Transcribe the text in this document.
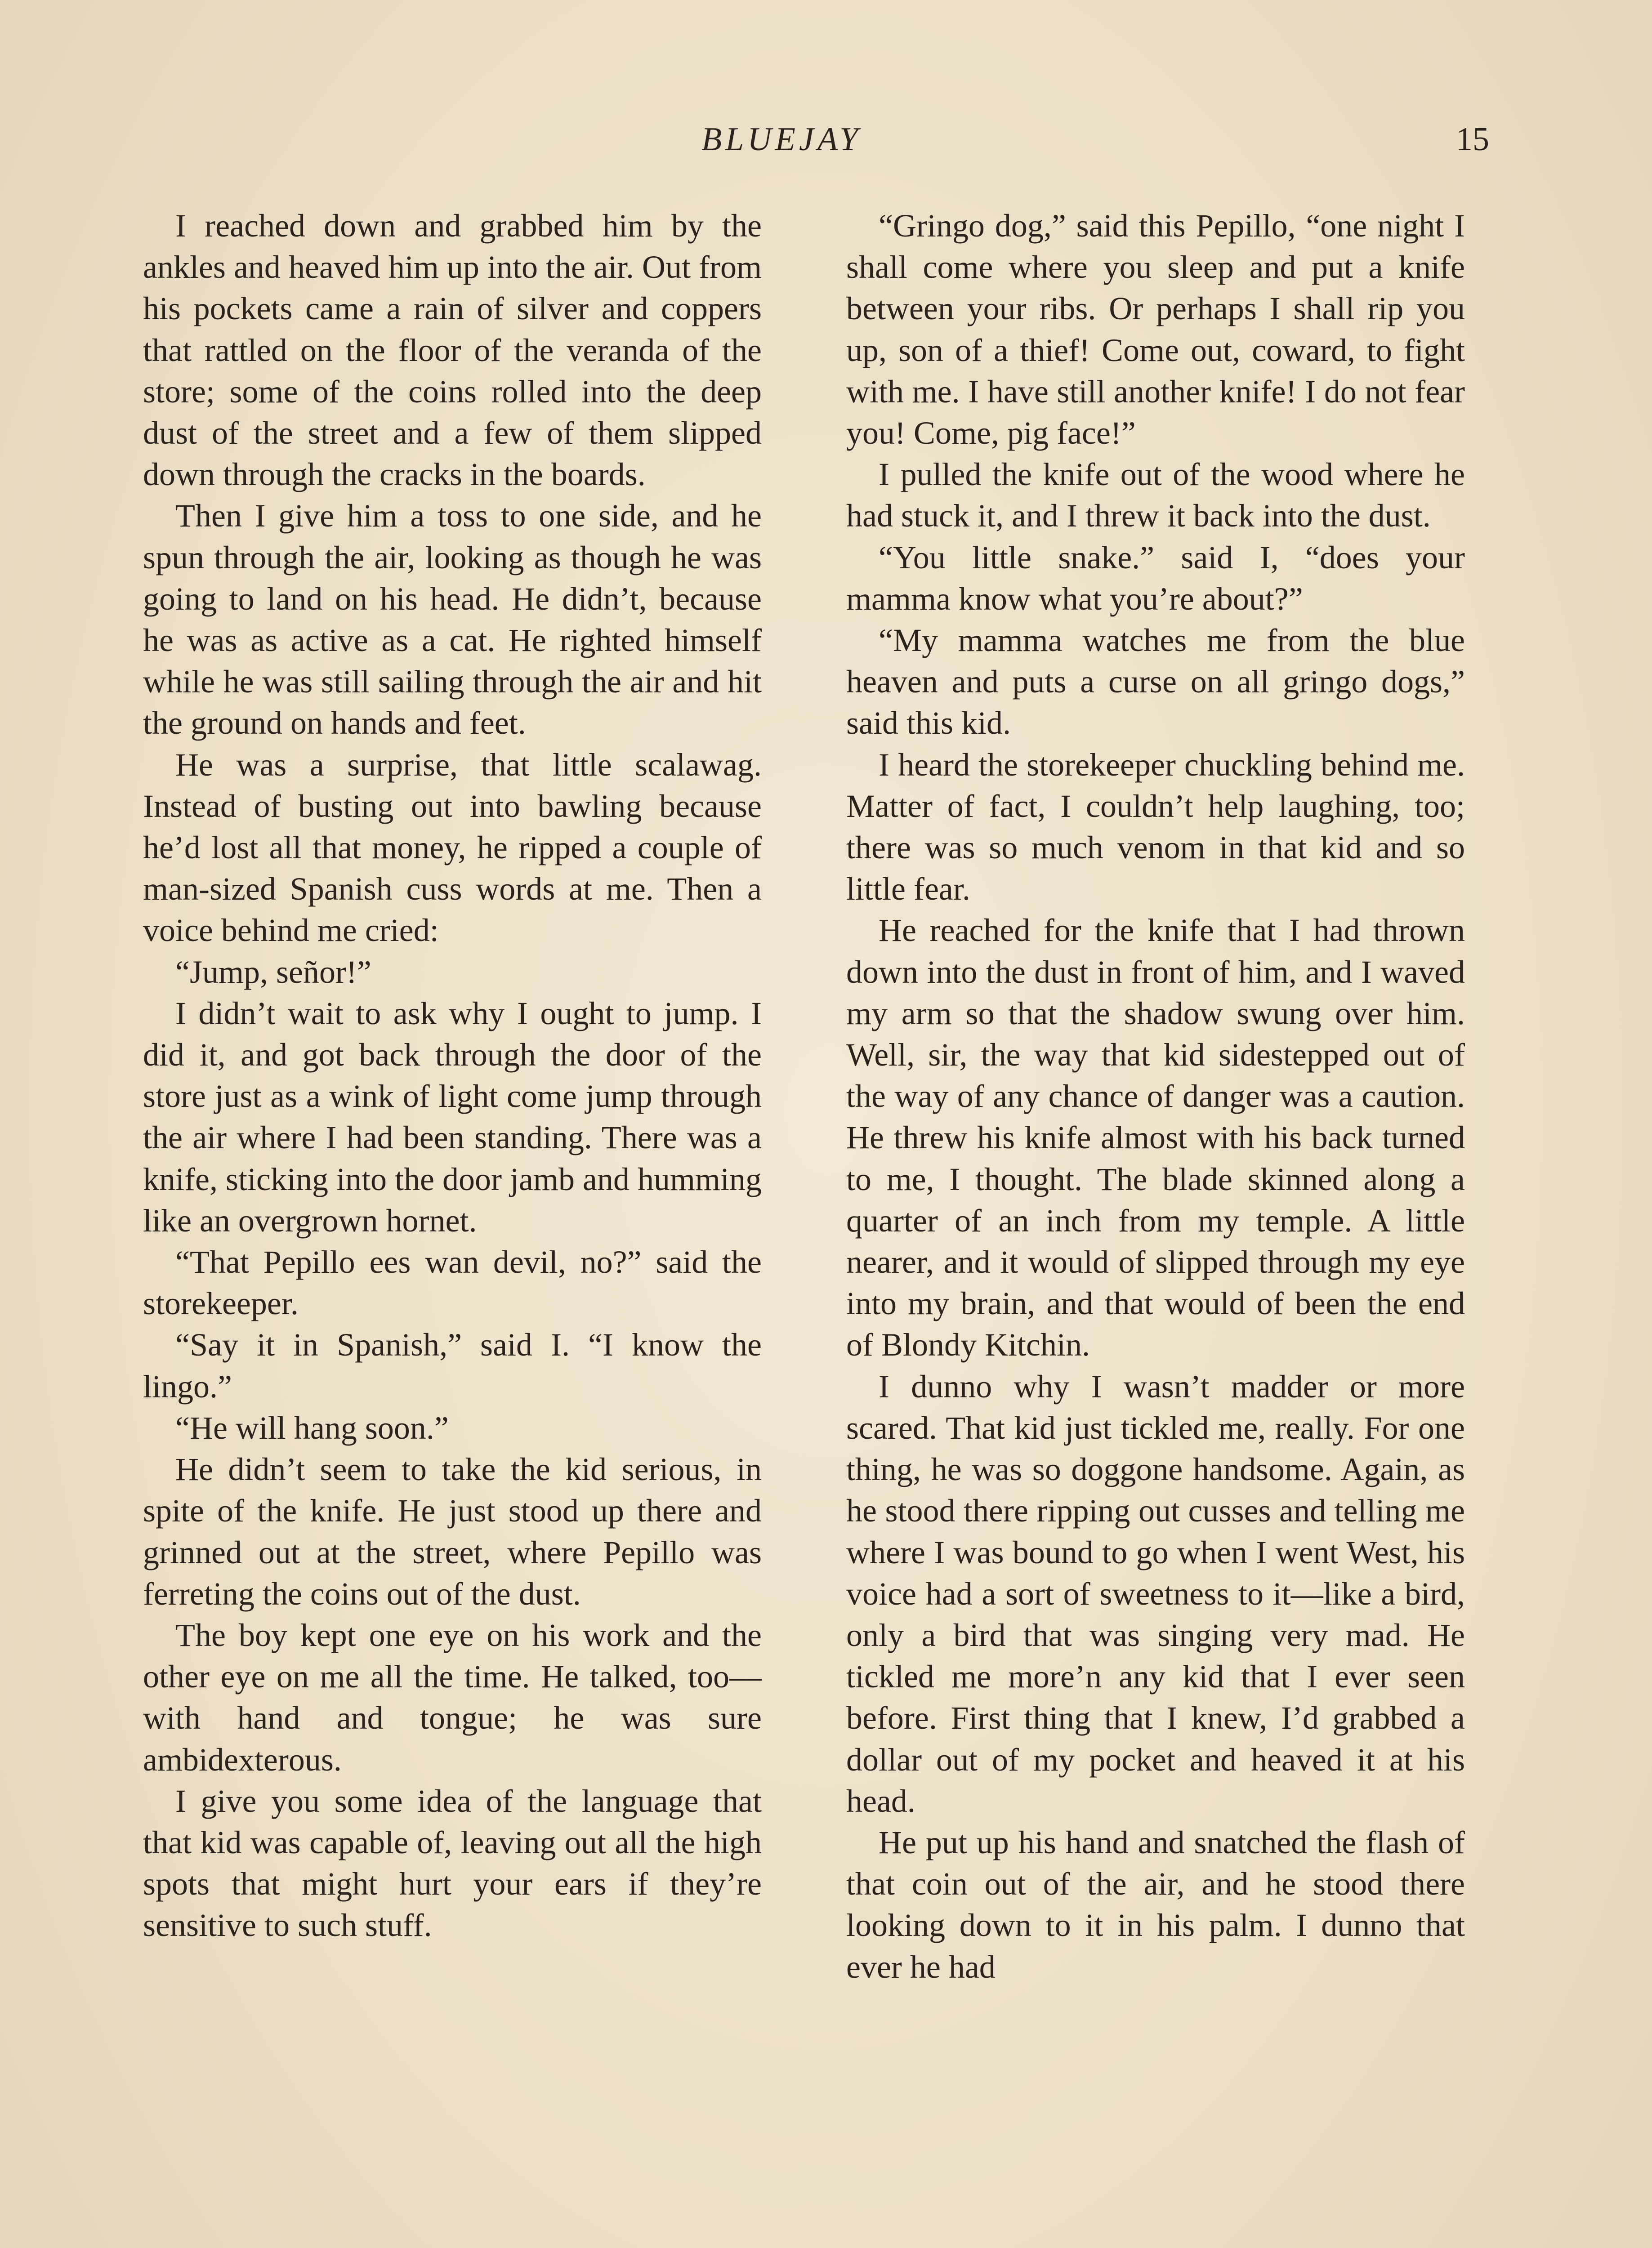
BLUEJAY	15

I reached down and grabbed him by the ankles and heaved him up into the air. Out from his pockets came a rain of silver and coppers that rattled on the floor of the veranda of the store; some of the coins rolled into the deep dust of the street and a few of them slipped down through the cracks in the boards.

Then I give him a toss to one side, and he spun through the air, looking as though he was going to land on his head. He didn’t, because he was as active as a cat. He righted himself while he was still sailing through the air and hit the ground on hands and feet.

He was a surprise, that little scalawag. Instead of busting out into bawling because he’d lost all that money, he ripped a couple of man-sized Spanish cuss words at me. Then a voice behind me cried:

“Jump, señor!”

I didn’t wait to ask why I ought to jump. I did it, and got back through the door of the store just as a wink of light come jump through the air where I had been standing. There was a knife, sticking into the door jamb and humming like an overgrown hornet.

“That Pepillo ees wan devil, no?” said the storekeeper.

“Say it in Spanish,” said I. “I know the lingo.”

“He will hang soon.”

He didn’t seem to take the kid serious, in spite of the knife. He just stood up there and grinned out at the street, where Pepillo was ferreting the coins out of the dust.

The boy kept one eye on his work and the other eye on me all the time. He talked, too—with hand and tongue; he was sure ambidexterous.

I give you some idea of the language that that kid was capable of, leaving out all the high spots that might hurt your ears if they’re sensitive to such stuff.

“Gringo dog,” said this Pepillo, “one night I shall come where you sleep and put a knife between your ribs. Or perhaps I shall rip you up, son of a thief! Come out, coward, to fight with me. I have still another knife! I do not fear you! Come, pig face!”

I pulled the knife out of the wood where he had stuck it, and I threw it back into the dust.

“You little snake.” said I, “does your mamma know what you’re about?”

“My mamma watches me from the blue heaven and puts a curse on all gringo dogs,” said this kid.

I heard the storekeeper chuckling behind me. Matter of fact, I couldn’t help laughing, too; there was so much venom in that kid and so little fear.

He reached for the knife that I had thrown down into the dust in front of him, and I waved my arm so that the shadow swung over him. Well, sir, the way that kid sidestepped out of the way of any chance of danger was a caution. He threw his knife almost with his back turned to me, I thought. The blade skinned along a quarter of an inch from my temple. A little nearer, and it would of slipped through my eye into my brain, and that would of been the end of Blondy Kitchin.

I dunno why I wasn’t madder or more scared. That kid just tickled me, really. For one thing, he was so doggone handsome. Again, as he stood there ripping out cusses and telling me where I was bound to go when I went West, his voice had a sort of sweetness to it—like a bird, only a bird that was singing very mad. He tickled me more’n any kid that I ever seen before. First thing that I knew, I’d grabbed a dollar out of my pocket and heaved it at his head.

He put up his hand and snatched the flash of that coin out of the air, and he stood there looking down to it in his palm. I dunno that ever he had
